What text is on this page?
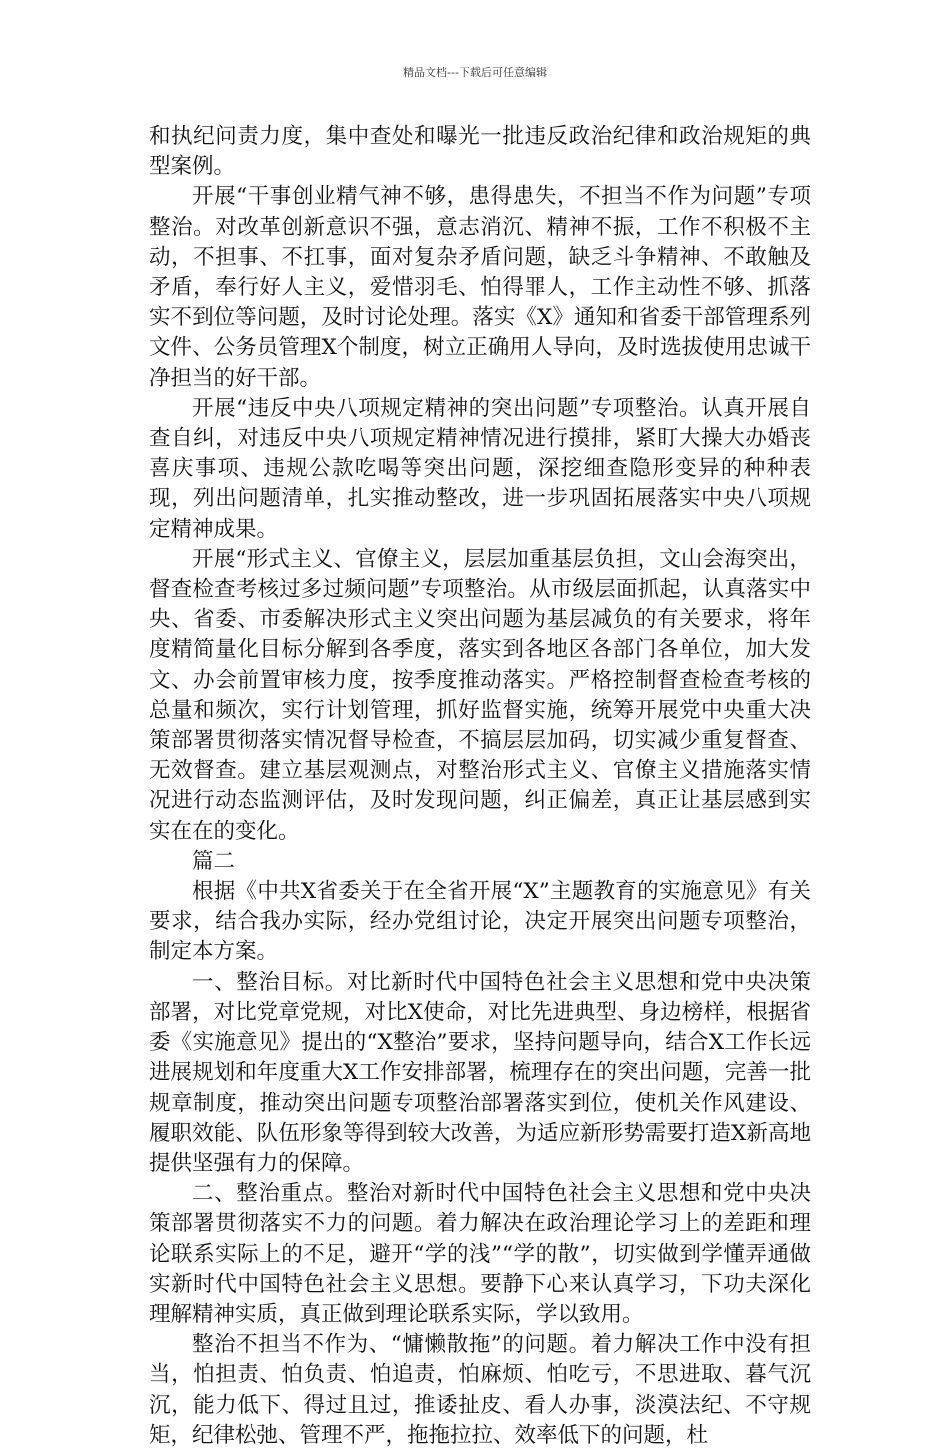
精品文档---下载后可任意编辑

和执纪问责力度，集中查处和曝光一批违反政治纪律和政治规矩的典型案例。

开展“干事创业精气神不够，患得患失，不担当不作为问题”专项整治。对改革创新意识不强，意志消沉、精神不振，工作不积极不主动，不担事、不扛事，面对复杂矛盾问题，缺乏斗争精神、不敢触及矛盾，奉行好人主义，爱惜羽毛、怕得罪人，工作主动性不够、抓落实不到位等问题，及时讨论处理。落实《X》通知和省委干部管理系列文件、公务员管理X个制度，树立正确用人导向，及时选拔使用忠诚干净担当的好干部。

开展“违反中央八项规定精神的突出问题”专项整治。认真开展自查自纠，对违反中央八项规定精神情况进行摸排，紧盯大操大办婚丧喜庆事项、违规公款吃喝等突出问题，深挖细查隐形变异的种种表现，列出问题清单，扎实推动整改，进一步巩固拓展落实中央八项规定精神成果。

开展“形式主义、官僚主义，层层加重基层负担，文山会海突出，督查检查考核过多过频问题”专项整治。从市级层面抓起，认真落实中央、省委、市委解决形式主义突出问题为基层减负的有关要求，将年度精简量化目标分解到各季度，落实到各地区各部门各单位，加大发文、办会前置审核力度，按季度推动落实。严格控制督查检查考核的总量和频次，实行计划管理，抓好监督实施，统筹开展党中央重大决策部署贯彻落实情况督导检查，不搞层层加码，切实减少重复督查、无效督查。建立基层观测点，对整治形式主义、官僚主义措施落实情况进行动态监测评估，及时发现问题，纠正偏差，真正让基层感到实实在在的变化。

篇二

根据《中共X省委关于在全省开展“X”主题教育的实施意见》有关要求，结合我办实际，经办党组讨论，决定开展突出问题专项整治，制定本方案。

一、整治目标。对比新时代中国特色社会主义思想和党中央决策部署，对比党章党规，对比X使命，对比先进典型、身边榜样，根据省委《实施意见》提出的“X整治”要求，坚持问题导向，结合X工作长远进展规划和年度重大X工作安排部署，梳理存在的突出问题，完善一批规章制度，推动突出问题专项整治部署落实到位，使机关作风建设、履职效能、队伍形象等得到较大改善，为适应新形势需要打造X新高地提供坚强有力的保障。

二、整治重点。整治对新时代中国特色社会主义思想和党中央决策部署贯彻落实不力的问题。着力解决在政治理论学习上的差距和理论联系实际上的不足，避开“学的浅”“学的散”，切实做到学懂弄通做实新时代中国特色社会主义思想。要静下心来认真学习，下功夫深化理解精神实质，真正做到理论联系实际，学以致用。

整治不担当不作为、“慵懒散拖”的问题。着力解决工作中没有担当，怕担责、怕负责、怕追责，怕麻烦、怕吃亏，不思进取、暮气沉沉，能力低下、得过且过，推诿扯皮、看人办事，淡漠法纪、不守规矩，纪律松弛、管理不严，拖拖拉拉、效率低下的问题，杜
